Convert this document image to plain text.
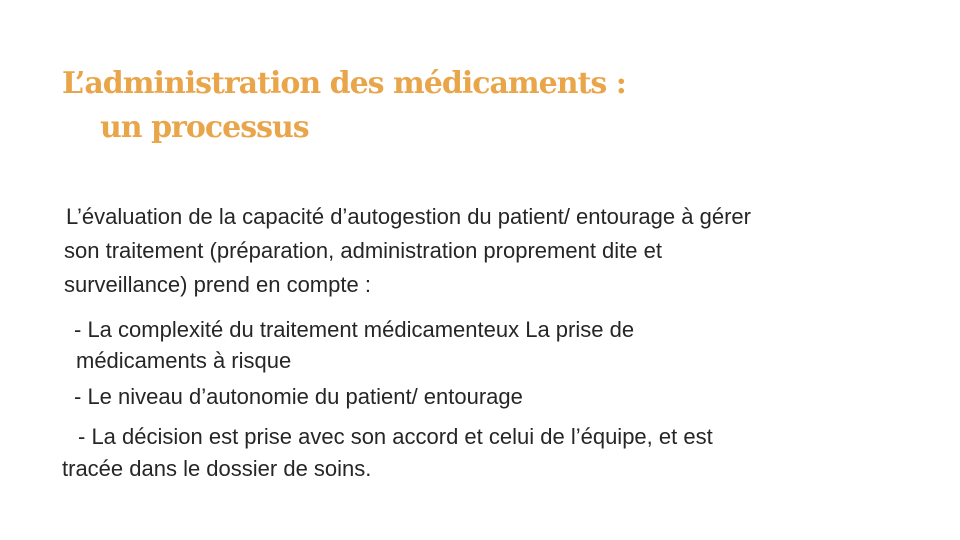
L’administration des médicaments :
un processus
L’évaluation de la capacité d’autogestion du patient/ entourage à gérer
son traitement (préparation, administration proprement dite et
surveillance) prend en compte :
- La complexité du traitement médicamenteux La prise de
médicaments à risque
- Le niveau d’autonomie du patient/ entourage
- La décision est prise avec son accord et celui de l’équipe, et est
tracée dans le dossier de soins.
